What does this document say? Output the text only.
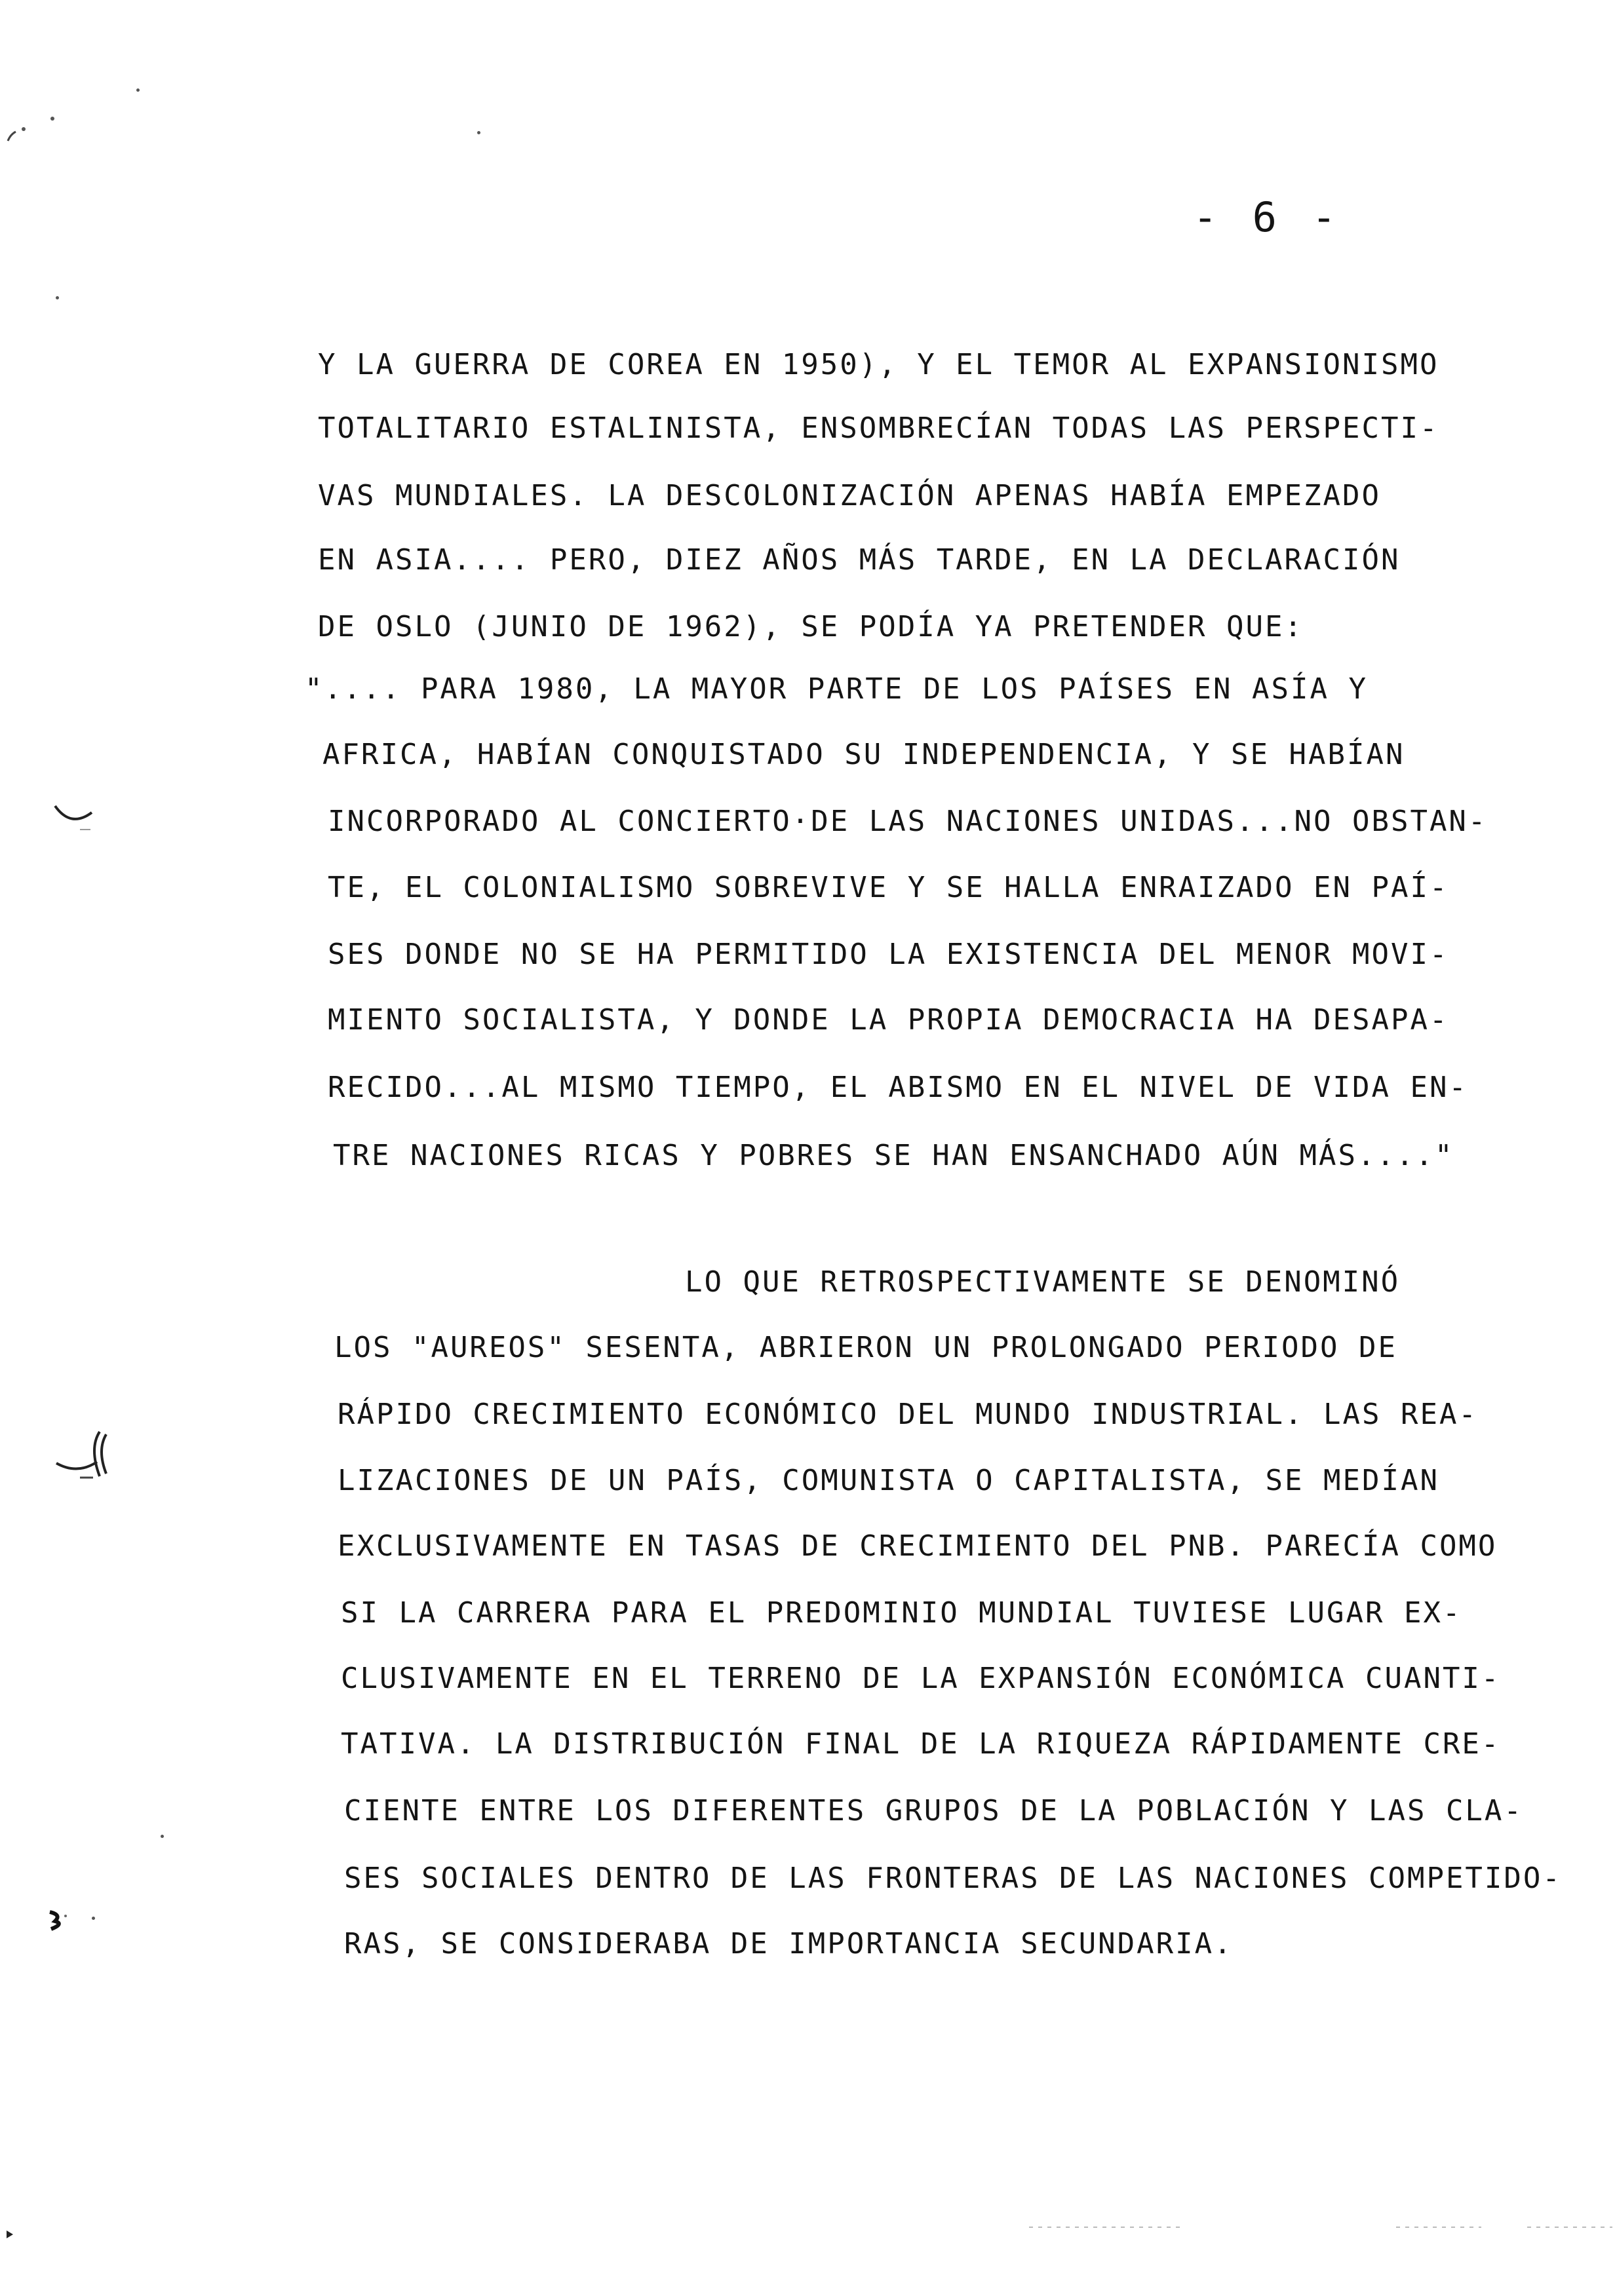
- 6 -
Y LA GUERRA DE COREA EN 1950), Y EL TEMOR AL EXPANSIONISMO
TOTALITARIO ESTALINISTA, ENSOMBRECÍAN TODAS LAS PERSPECTI-
VAS MUNDIALES. LA DESCOLONIZACIÓN APENAS HABÍA EMPEZADO
EN ASIA.... PERO, DIEZ AÑOS MÁS TARDE, EN LA DECLARACIÓN
DE OSLO (JUNIO DE 1962), SE PODÍA YA PRETENDER QUE:
".... PARA 1980, LA MAYOR PARTE DE LOS PAÍSES EN ASÍA Y
AFRICA, HABÍAN CONQUISTADO SU INDEPENDENCIA, Y SE HABÍAN
INCORPORADO AL CONCIERTO·DE LAS NACIONES UNIDAS...NO OBSTAN-
TE, EL COLONIALISMO SOBREVIVE Y SE HALLA ENRAIZADO EN PAÍ-
SES DONDE NO SE HA PERMITIDO LA EXISTENCIA DEL MENOR MOVI-
MIENTO SOCIALISTA, Y DONDE LA PROPIA DEMOCRACIA HA DESAPA-
RECIDO...AL MISMO TIEMPO, EL ABISMO EN EL NIVEL DE VIDA EN-
TRE NACIONES RICAS Y POBRES SE HAN ENSANCHADO AÚN MÁS...."
LO QUE RETROSPECTIVAMENTE SE DENOMINÓ
LOS "AUREOS" SESENTA, ABRIERON UN PROLONGADO PERIODO DE
RÁPIDO CRECIMIENTO ECONÓMICO DEL MUNDO INDUSTRIAL. LAS REA-
LIZACIONES DE UN PAÍS, COMUNISTA O CAPITALISTA, SE MEDÍAN
EXCLUSIVAMENTE EN TASAS DE CRECIMIENTO DEL PNB. PARECÍA COMO
SI LA CARRERA PARA EL PREDOMINIO MUNDIAL TUVIESE LUGAR EX-
CLUSIVAMENTE EN EL TERRENO DE LA EXPANSIÓN ECONÓMICA CUANTI-
TATIVA. LA DISTRIBUCIÓN FINAL DE LA RIQUEZA RÁPIDAMENTE CRE-
CIENTE ENTRE LOS DIFERENTES GRUPOS DE LA POBLACIÓN Y LAS CLA-
SES SOCIALES DENTRO DE LAS FRONTERAS DE LAS NACIONES COMPETIDO-
RAS, SE CONSIDERABA DE IMPORTANCIA SECUNDARIA.
